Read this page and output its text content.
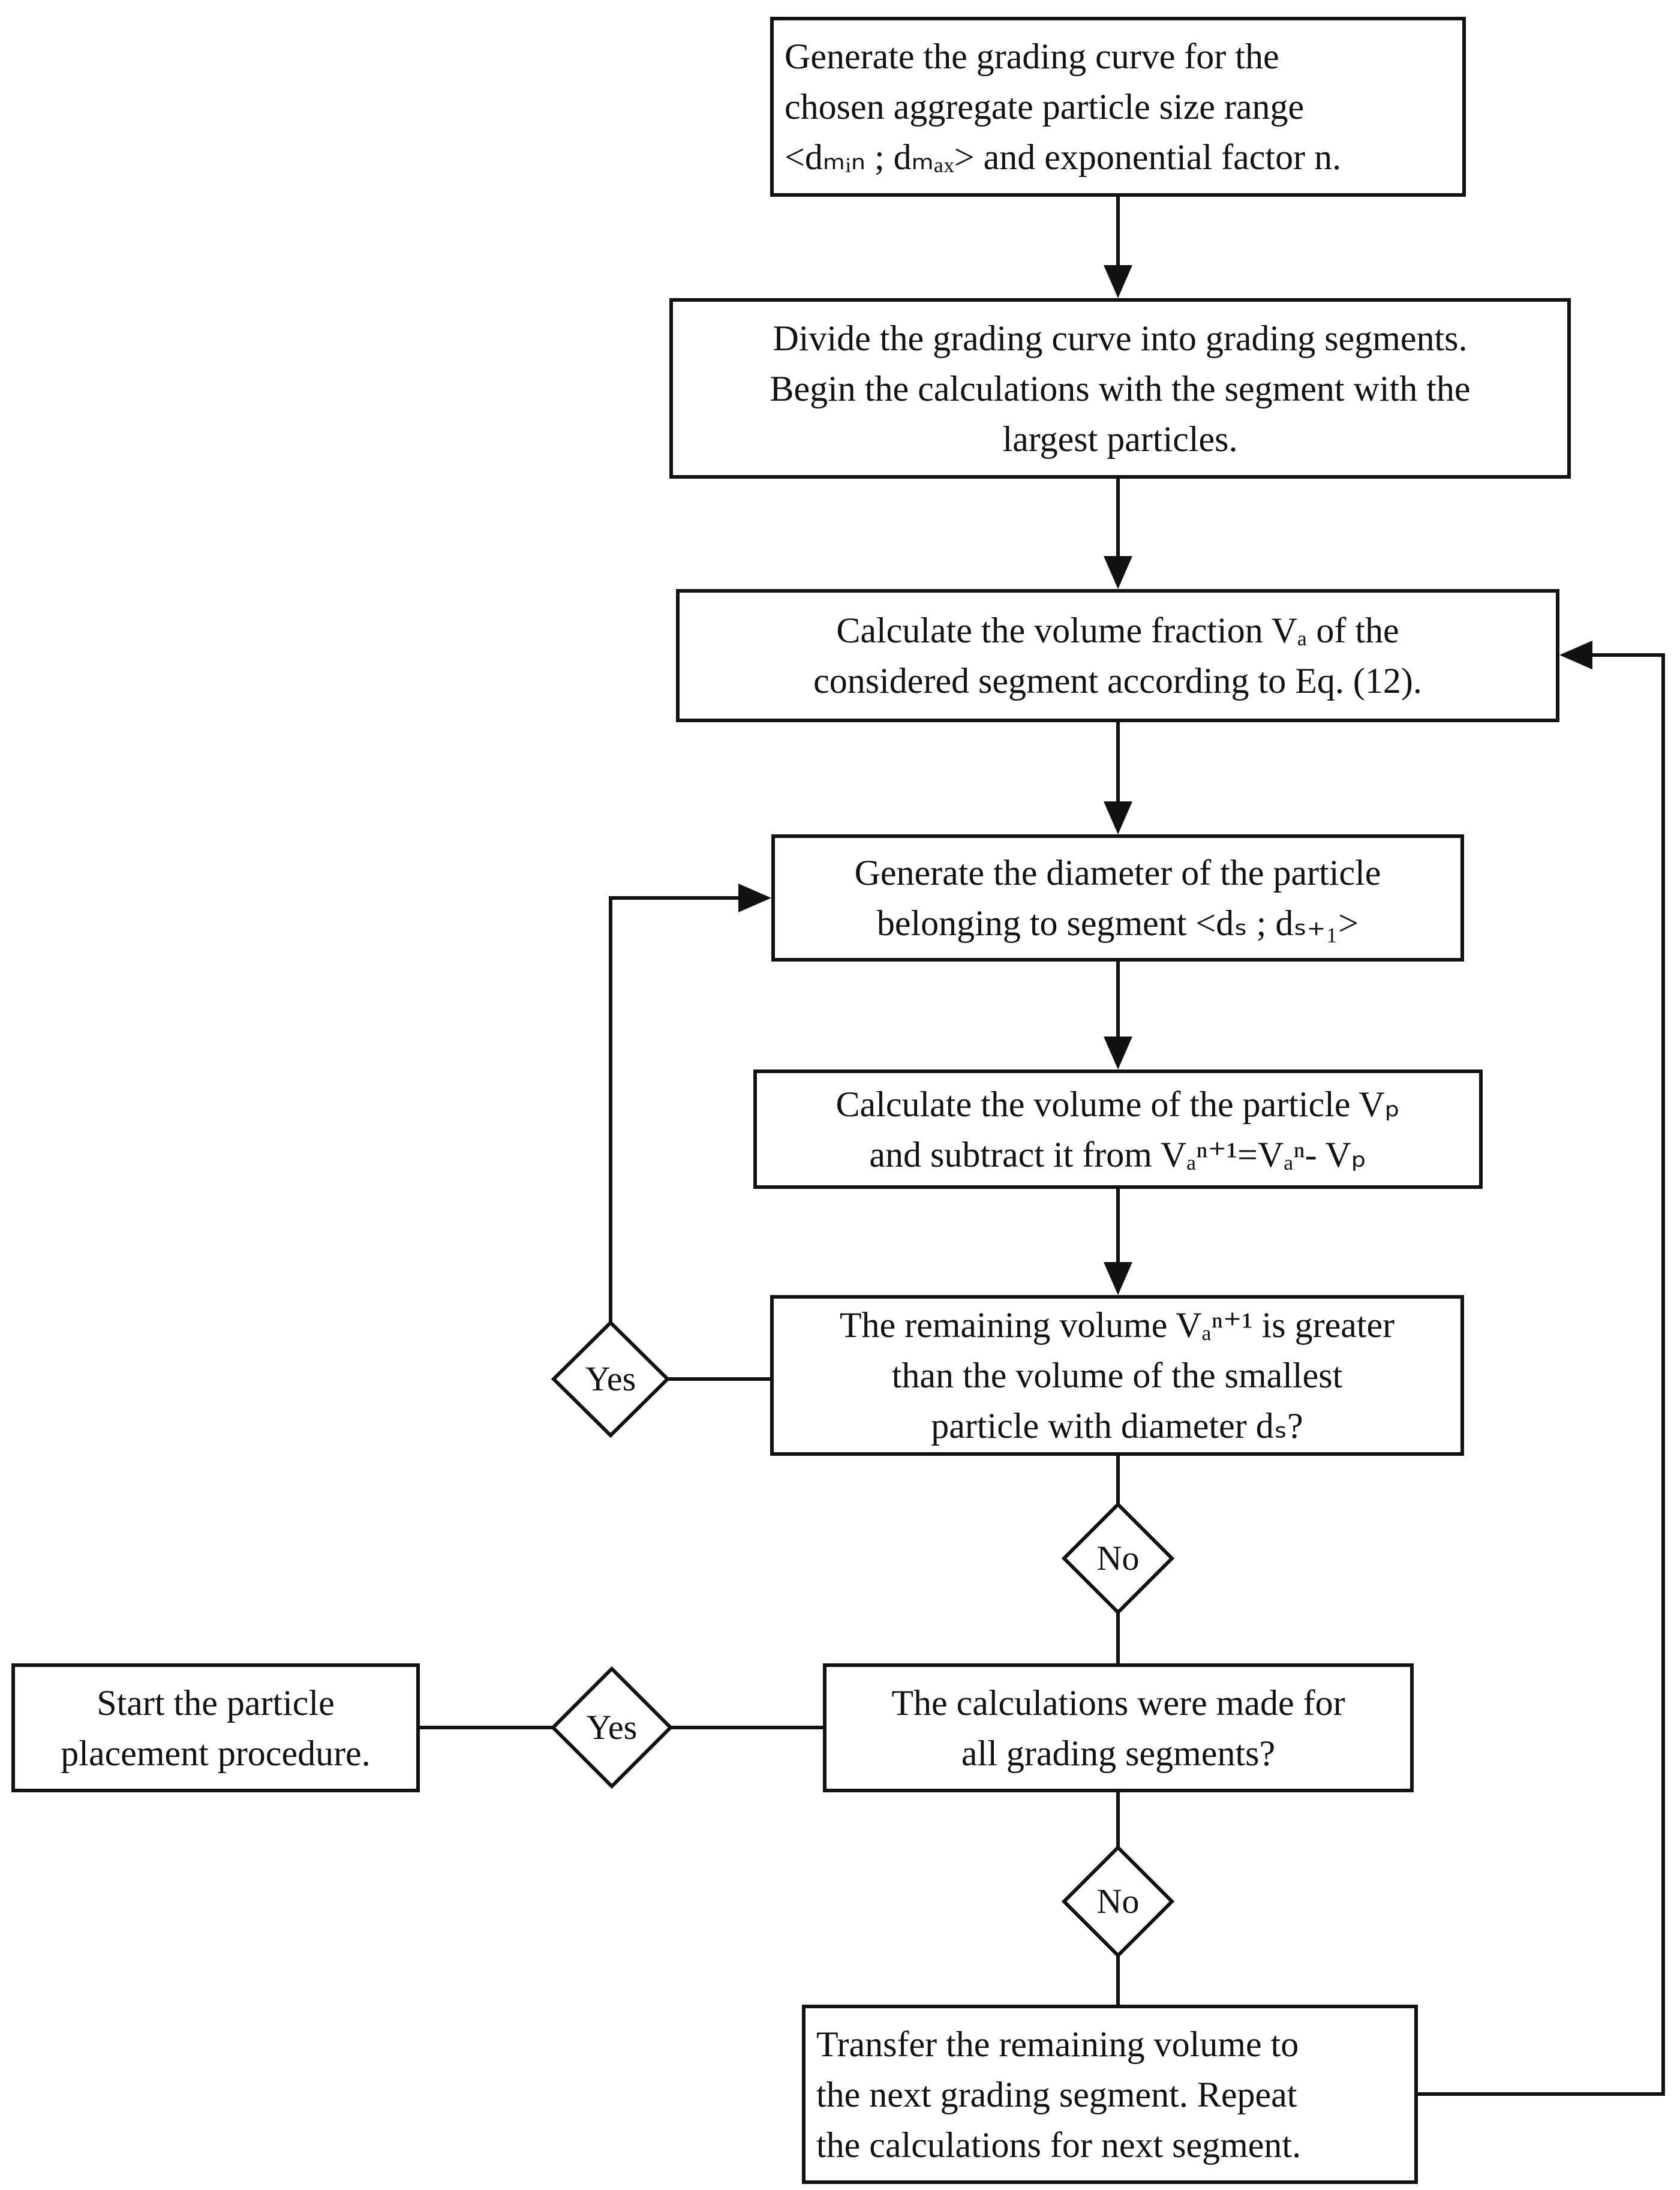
Generate the grading curve for the
chosen aggregate particle size range
<dₘᵢₙ ; dₘₐₓ> and exponential factor n.
Divide the grading curve into grading segments.
Begin the calculations with the segment with the
largest particles.
Calculate the volume fraction Vₐ of the
considered segment according to Eq. (12).
Generate the diameter of the particle
belonging to segment <dₛ ; dₛ₊₁>
Calculate the volume of the particle Vₚ
and subtract it from Vₐⁿ⁺¹=Vₐⁿ- Vₚ
The remaining volume Vₐⁿ⁺¹ is greater
than the volume of the smallest
particle with diameter dₛ?
The calculations were made for
all grading segments?
Start the particle
placement procedure.
Transfer the remaining volume to
the next grading segment. Repeat
the calculations for next segment.
Yes
No
Yes
No
